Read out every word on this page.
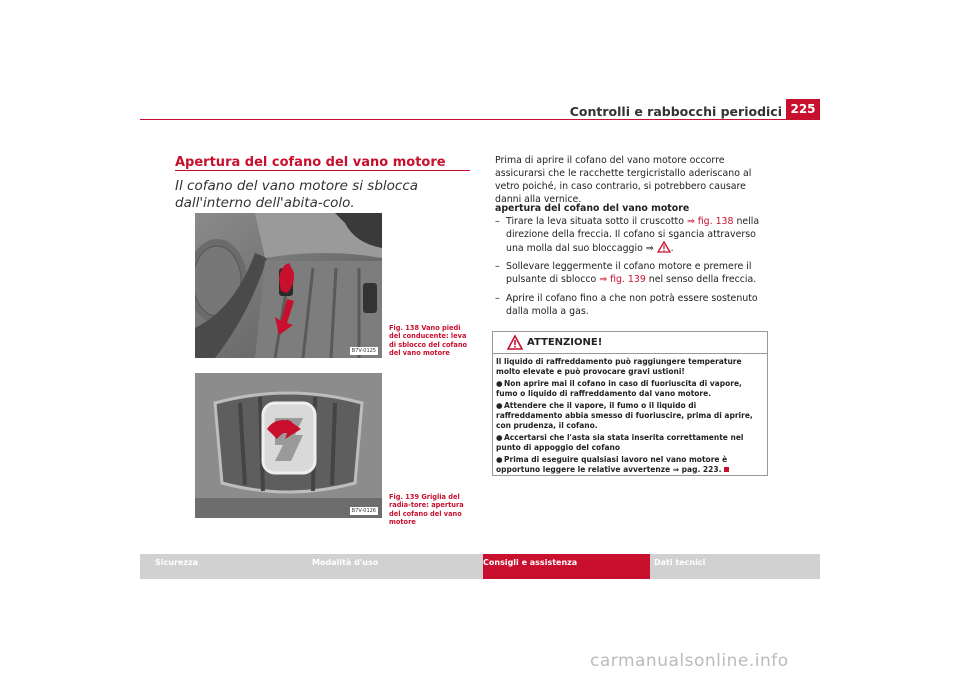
Controlli e rabbocchi periodici 225
Apertura del cofano del vano motore
Il cofano del vano motore si sblocca dall'interno dell'abita-colo.
B7V-0125
Fig. 138 Vano piedi del conducente: leva di sblocco del cofano del vano motore
B7V-0126
Fig. 139 Griglia del radia-tore: apertura del cofano del vano motore
Prima di aprire il cofano del vano motore occorre assicurarsi che le racchette tergicristallo aderiscano al vetro poiché, in caso contrario, si potrebbero causare danni alla vernice.
apertura del cofano del vano motore
– Tirare la leva situata sotto il cruscotto ⇒ fig. 138 nella direzione della freccia. Il cofano si sgancia attraverso una molla dal suo bloccaggio ⇒ .
– Sollevare leggermente il cofano motore e premere il pulsante di sblocco ⇒ fig. 139 nel senso della freccia.
– Aprire il cofano fino a che non potrà essere sostenuto dalla molla a gas.
ATTENZIONE!

Il liquido di raffreddamento può raggiungere temperature molto elevate e può provocare gravi ustioni!

●Non aprire mai il cofano in caso di fuoriuscita di vapore, fumo o liquido di raffreddamento dal vano motore.

●Attendere che il vapore, il fumo o il liquido di raffreddamento abbia smesso di fuoriuscire, prima di aprire, con prudenza, il cofano.

●Accertarsi che l'asta sia stata inserita correttamente nel punto di appoggio del cofano

●Prima di eseguire qualsiasi lavoro nel vano motore è opportuno leggere le relative avvertenze ⇒ pag. 223.

Sicurezza	Modalità d'uso	Consigli e assistenza	Dati tecnici
carmanualsonline.info
